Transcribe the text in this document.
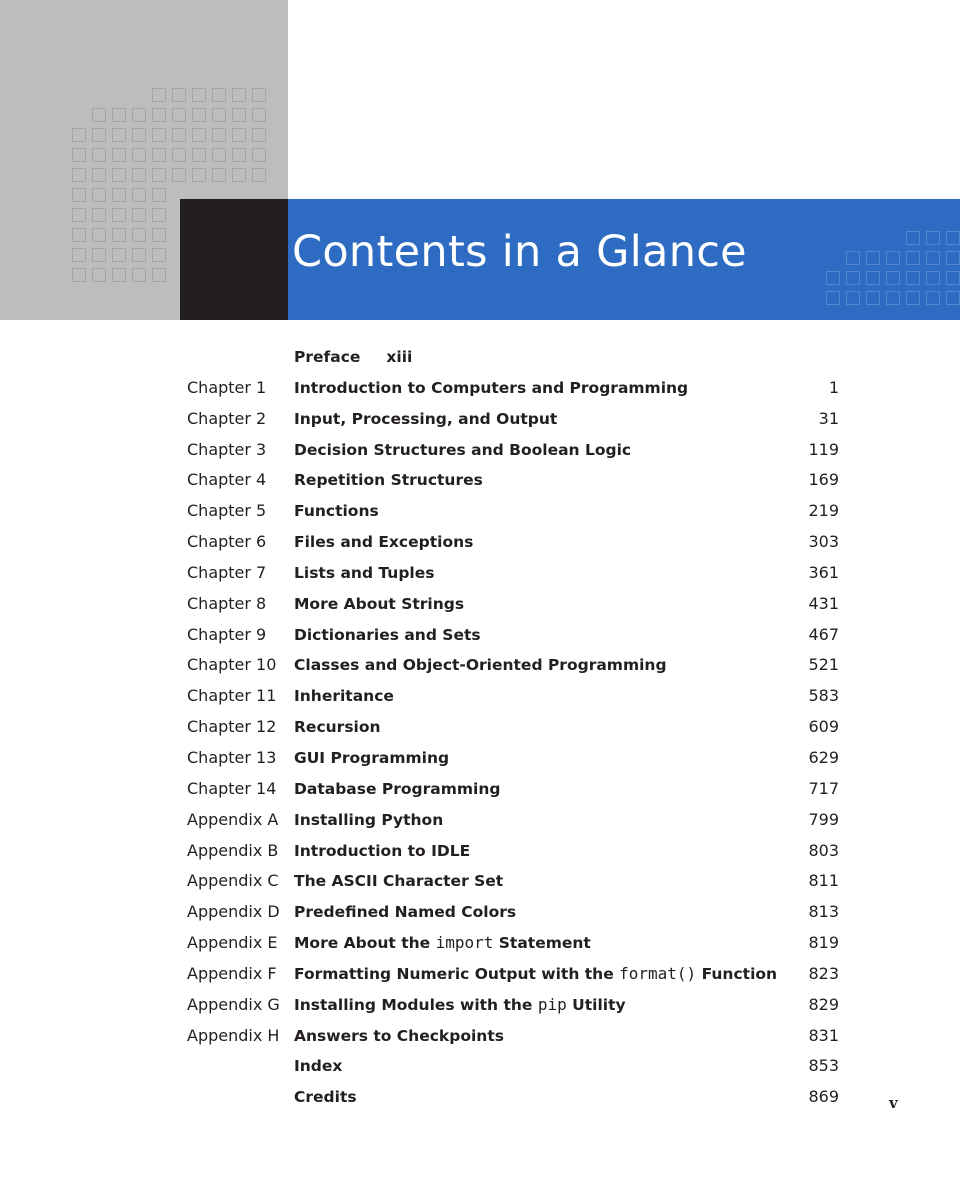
Contents in a Glance
Preface xiii
Chapter 1 Introduction to Computers and Programming	1
Chapter 2 Input, Processing, and Output	31
Chapter 3 Decision Structures and Boolean Logic	119
Chapter 4 Repetition Structures	169
Chapter 5 Functions	219
Chapter 6 Files and Exceptions	303
Chapter 7 Lists and Tuples	361
Chapter 8 More About Strings	431
Chapter 9 Dictionaries and Sets	467
Chapter 10 Classes and Object-Oriented Programming	521
Chapter 11 Inheritance	583
Chapter 12 Recursion	609
Chapter 13 GUI Programming	629
Chapter 14 Database Programming	717
Appendix A Installing Python	799
Appendix B Introduction to IDLE	803
Appendix C The ASCII Character Set	811
Appendix D Predefined Named Colors	813
Appendix E More About the import Statement	819
Appendix F Formatting Numeric Output with the format() Function 823
Appendix G Installing Modules with the pip Utility	829
Appendix H Answers to Checkpoints	831
Index	853
Credits	869	v
